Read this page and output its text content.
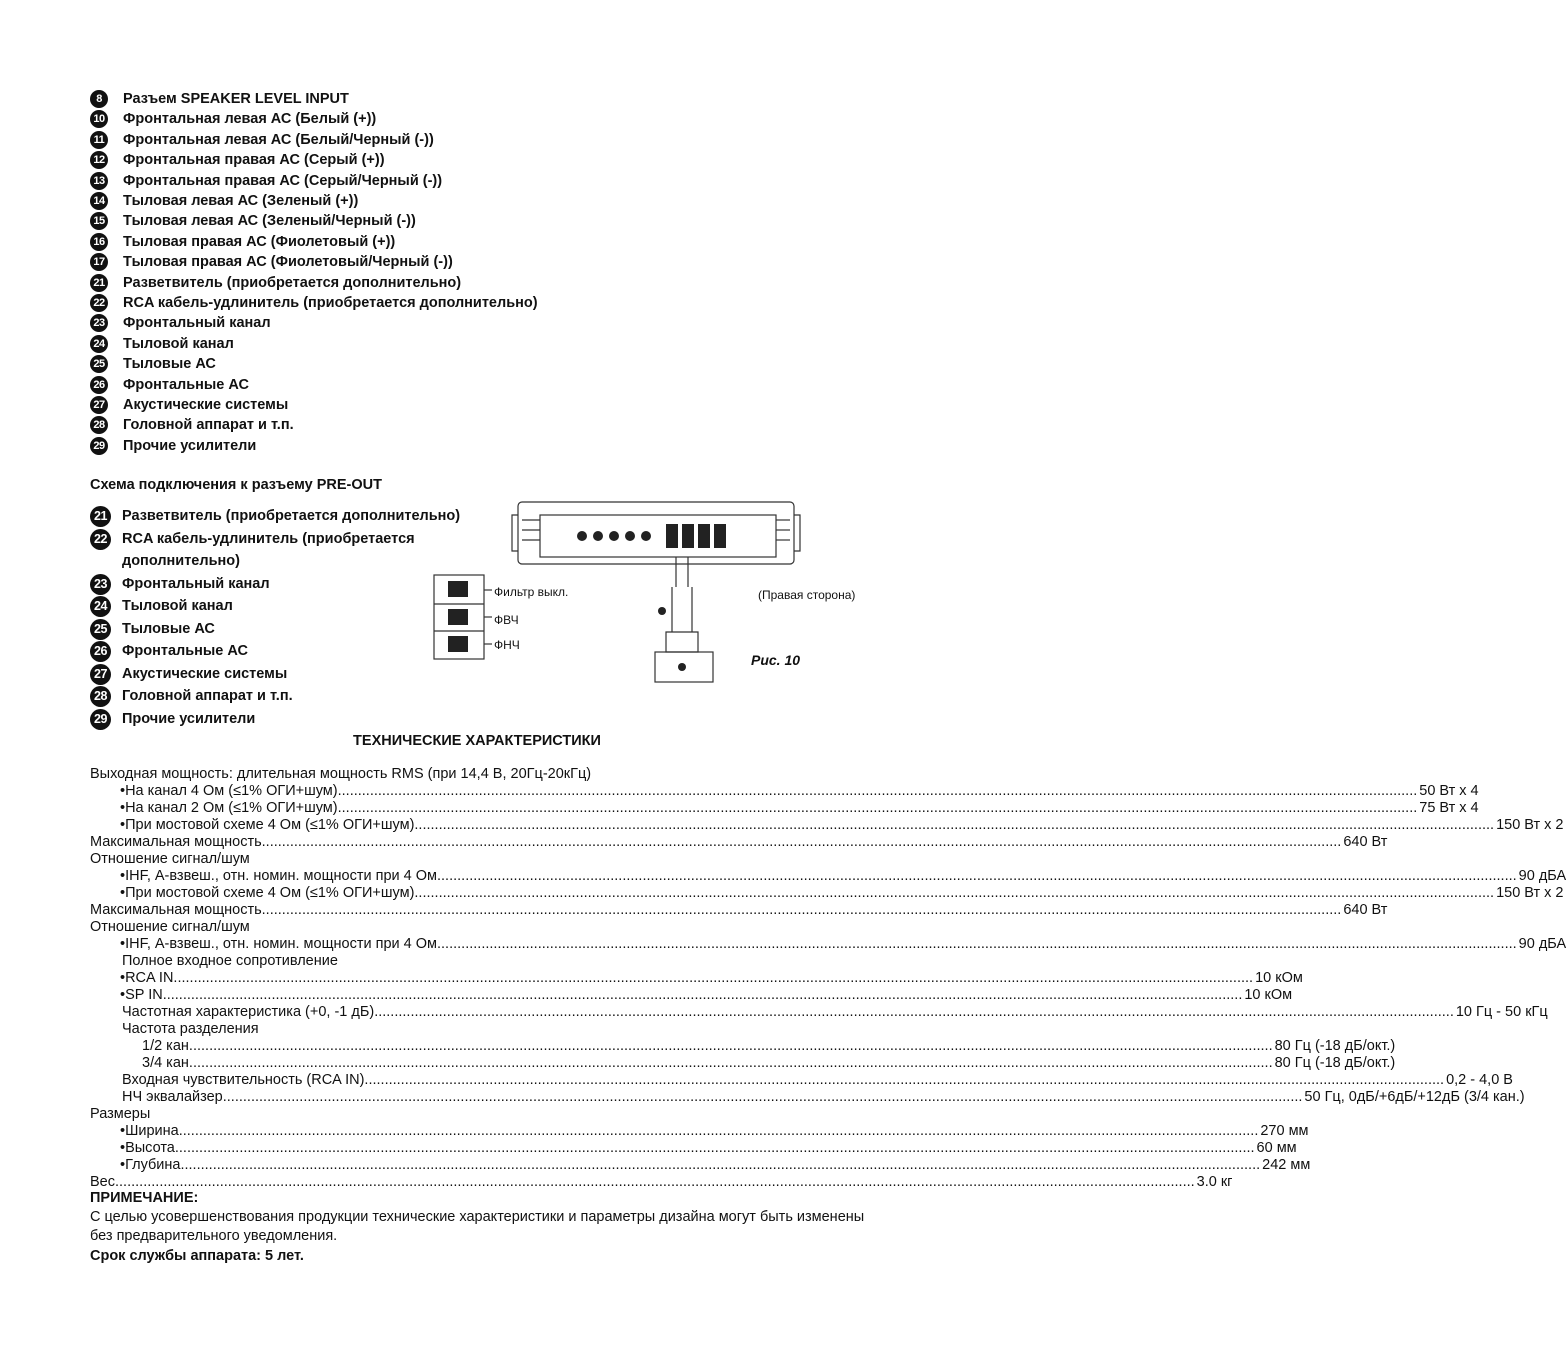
8	Разъем SPEAKER LEVEL INPUT
10 Фронтальная левая АС (Белый (+))
11 Фронтальная левая АС (Белый/Черный (-))
12 Фронтальная правая АС (Серый (+))
13 Фронтальная правая АС (Серый/Черный (-))
14 Тыловая левая АС (Зеленый (+))
15 Тыловая левая АС (Зеленый/Черный (-))
16 Тыловая правая АС (Фиолетовый (+))
17 Тыловая правая АС (Фиолетовый/Черный (-))
21 Разветвитель (приобретается дополнительно)
22 RCA кабель-удлинитель (приобретается дополнительно)
23 Фронтальный канал
24 Тыловой канал
25 Тыловые АС
26 Фронтальные АС
27 Акустические системы
28 Головной аппарат и т.п.
29 Прочие усилители
Схема подключения к разъему PRE-OUT
21 Разветвитель (приобретается дополнительно)
22 RCA кабель-удлинитель (приобретается
дополнительно)
23 Фронтальный канал
24 Тыловой канал
25 Тыловые АС
26 Фронтальные АС
27 Акустические системы
28 Головной аппарат и т.п.
29 Прочие усилители
Фильтр выкл.
ФВЧ
ФНЧ
(Правая сторона)
Рис. 10
ТЕХНИЧЕСКИЕ ХАРАКТЕРИСТИКИ
Выходная мощность: длительная мощность RMS (при 14,4 В, 20Гц-20кГц)
• На канал 4 Ом (≤1% ОГИ+шум) .....	50 Вт х 4
• На канал 2 Ом (≤1% ОГИ+шум) .....	75 Вт х 4
• При мостовой схеме 4 Ом (≤1% ОГИ+шум) .....	150 Вт х 2
Максимальная мощность .....	640 Вт
Отношение сигнал/шум
• IHF, А-взвеш., отн. номин. мощности при 4 Ом .....	90 дБА
• При мостовой схеме 4 Ом (≤1% ОГИ+шум) .....	150 Вт х 2
Максимальная мощность .....	640 Вт
Отношение сигнал/шум
• IHF, А-взвеш., отн. номин. мощности при 4 Ом .....	90 дБА
Полное входное сопротивление
• RCA IN .....	10 кОм
• SP IN .....	10 кОм
Частотная характеристика (+0, -1 дБ) .....	10 Гц - 50 кГц
Частота разделения
1/2 кан. .....	80 Гц (-18 дБ/окт.)
3/4 кан. .....	80 Гц (-18 дБ/окт.)
Входная чувствительность (RCA IN) .....	0,2 - 4,0 В
НЧ эквалайзер .....	50 Гц, 0дБ/+6дБ/+12дБ (3/4 кан.)
Размеры
• Ширина .....	270 мм
• Высота .....	60 мм
• Глубина .....	242 мм
Вес .....	3.0 кг
ПРИМЕЧАНИЕ:
С целью усовершенствования продукции технические характеристики и параметры дизайна могут быть изменены без предварительного уведомления.
Срок службы аппарата: 5 лет.
